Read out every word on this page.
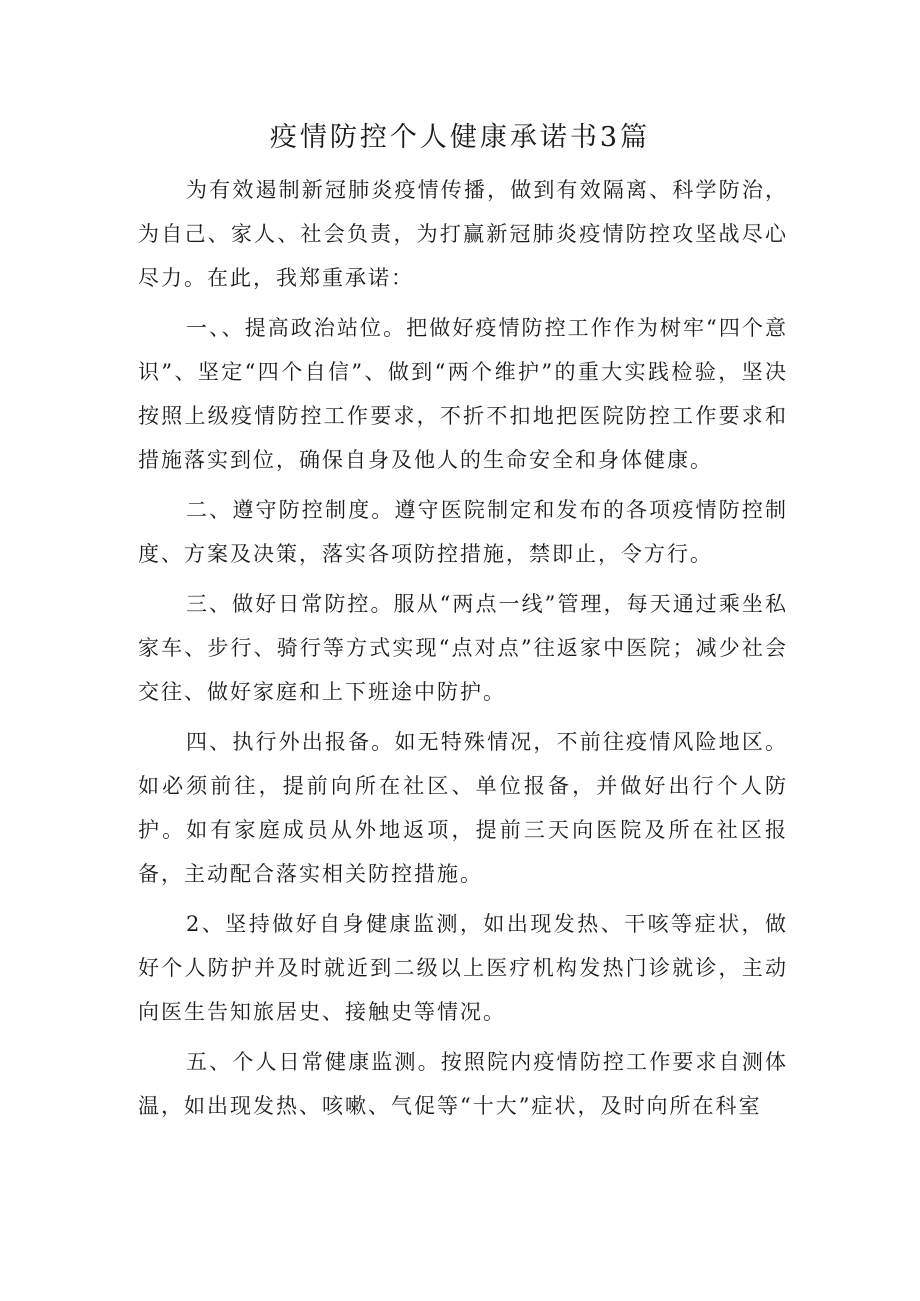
疫情防控个人健康承诺书3篇

为有效遏制新冠肺炎疫情传播，做到有效隔离、科学防治，为自己、家人、社会负责，为打赢新冠肺炎疫情防控攻坚战尽心尽力。在此，我郑重承诺：

一、、提高政治站位。把做好疫情防控工作作为树牢“四个意识”、坚定“四个自信”、做到“两个维护”的重大实践检验，坚决按照上级疫情防控工作要求，不折不扣地把医院防控工作要求和措施落实到位，确保自身及他人的生命安全和身体健康。

二、遵守防控制度。遵守医院制定和发布的各项疫情防控制度、方案及决策，落实各项防控措施，禁即止，令方行。

三、做好日常防控。服从“两点一线”管理，每天通过乘坐私家车、步行、骑行等方式实现“点对点”往返家中医院；减少社会交往、做好家庭和上下班途中防护。

四、执行外出报备。如无特殊情况，不前往疫情风险地区。如必须前往，提前向所在社区、单位报备，并做好出行个人防护。如有家庭成员从外地返项，提前三天向医院及所在社区报备，主动配合落实相关防控措施。

2、坚持做好自身健康监测，如出现发热、干咳等症状，做好个人防护并及时就近到二级以上医疗机构发热门诊就诊，主动向医生告知旅居史、接触史等情况。

五、个人日常健康监测。按照院内疫情防控工作要求自测体温，如出现发热、咳嗽、气促等“十大”症状，及时向所在科室
